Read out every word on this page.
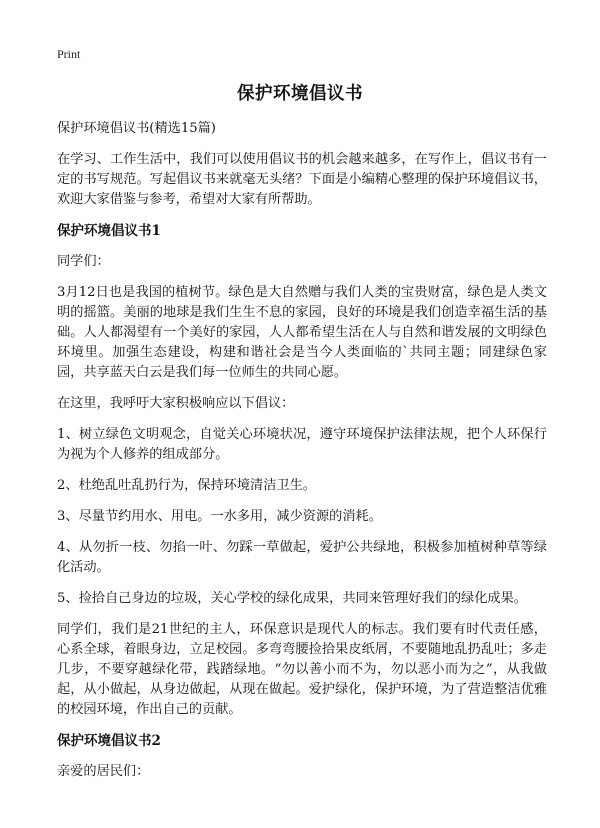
Print
保护环境倡议书

保护环境倡议书(精选15篇)

在学习、工作生活中，我们可以使用倡议书的机会越来越多，在写作上，倡议书有一定的书写规范。写起倡议书来就毫无头绪？下面是小编精心整理的保护环境倡议书，欢迎大家借鉴与参考，希望对大家有所帮助。

保护环境倡议书1

同学们：

3月12日也是我国的植树节。绿色是大自然赠与我们人类的宝贵财富，绿色是人类文明的摇篮。美丽的地球是我们生生不息的家园，良好的环境是我们创造幸福生活的基础。人人都渴望有一个美好的家园，人人都希望生活在人与自然和谐发展的文明绿色环境里。加强生态建设，构建和谐社会是当今人类面临的`共同主题；同建绿色家园，共享蓝天白云是我们每一位师生的共同心愿。

在这里，我呼吁大家积极响应以下倡议：

1、树立绿色文明观念，自觉关心环境状况，遵守环境保护法律法规，把个人环保行为视为个人修养的组成部分。

2、杜绝乱吐乱扔行为，保持环境清洁卫生。

3、尽量节约用水、用电。一水多用，减少资源的消耗。

4、从勿折一枝、勿掐一叶、勿踩一草做起，爱护公共绿地，积极参加植树种草等绿化活动。

5、捡拾自己身边的垃圾，关心学校的绿化成果，共同来管理好我们的绿化成果。

同学们，我们是21世纪的主人，环保意识是现代人的标志。我们要有时代责任感，心系全球，着眼身边，立足校园。多弯弯腰捡拾果皮纸屑，不要随地乱扔乱吐；多走几步，不要穿越绿化带，践踏绿地。“勿以善小而不为，勿以恶小而为之”，从我做起，从小做起，从身边做起，从现在做起。爱护绿化，保护环境，为了营造整洁优雅的校园环境，作出自己的贡献。

保护环境倡议书2

亲爱的居民们：
